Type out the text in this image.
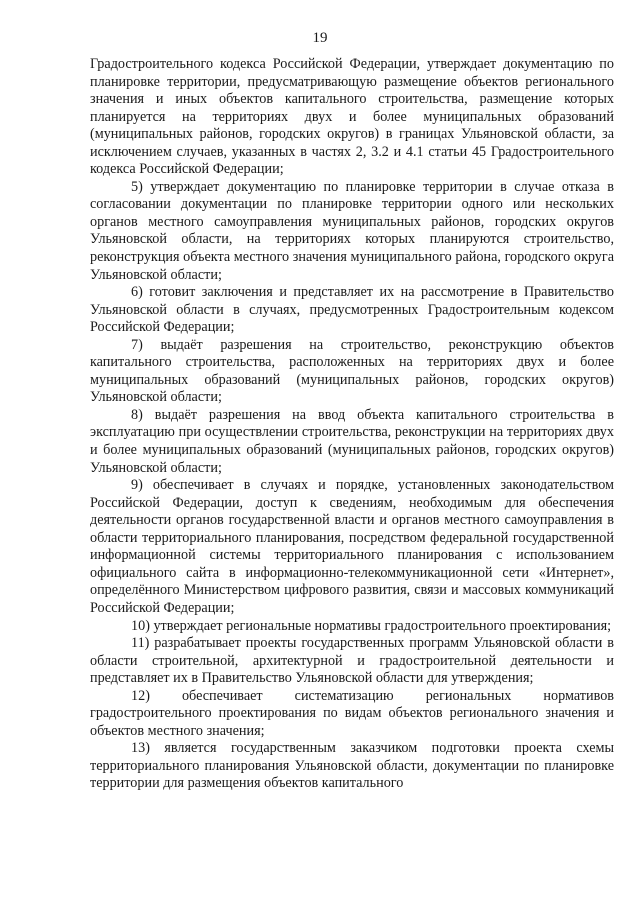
19

Градостроительного кодекса Российской Федерации, утверждает документацию по планировке территории, предусматривающую размещение объектов регионального значения и иных объектов капитального строительства, размещение которых планируется на территориях двух и более муниципальных образований (муниципальных районов, городских округов) в границах Ульяновской области, за исключением случаев, указанных в частях 2, 3.2 и 4.1 статьи 45 Градостроительного кодекса Российской Федерации;

5) утверждает документацию по планировке территории в случае отказа в согласовании документации по планировке территории одного или нескольких органов местного самоуправления муниципальных районов, городских округов Ульяновской области, на территориях которых планируются строительство, реконструкция объекта местного значения муниципального района, городского округа Ульяновской области;

6) готовит заключения и представляет их на рассмотрение в Правительство Ульяновской области в случаях, предусмотренных Градостроительным кодексом Российской Федерации;

7) выдаёт разрешения на строительство, реконструкцию объектов капитального строительства, расположенных на территориях двух и более муниципальных образований (муниципальных районов, городских округов) Ульяновской области;

8) выдаёт разрешения на ввод объекта капитального строительства в эксплуатацию при осуществлении строительства, реконструкции на территориях двух и более муниципальных образований (муниципальных районов, городских округов) Ульяновской области;

9) обеспечивает в случаях и порядке, установленных законодательством Российской Федерации, доступ к сведениям, необходимым для обеспечения деятельности органов государственной власти и органов местного самоуправления в области территориального планирования, посредством федеральной государственной информационной системы территориального планирования с использованием официального сайта в информационно-телекоммуникационной сети «Интернет», определённого Министерством цифрового развития, связи и массовых коммуникаций Российской Федерации;

10) утверждает региональные нормативы градостроительного проектирования;

11) разрабатывает проекты государственных программ Ульяновской области в области строительной, архитектурной и градостроительной деятельности и представляет их в Правительство Ульяновской области для утверждения;

12) обеспечивает систематизацию региональных нормативов градостроительного проектирования по видам объектов регионального значения и объектов местного значения;

13) является государственным заказчиком подготовки проекта схемы территориального планирования Ульяновской области, документации по планировке территории для размещения объектов капитального
